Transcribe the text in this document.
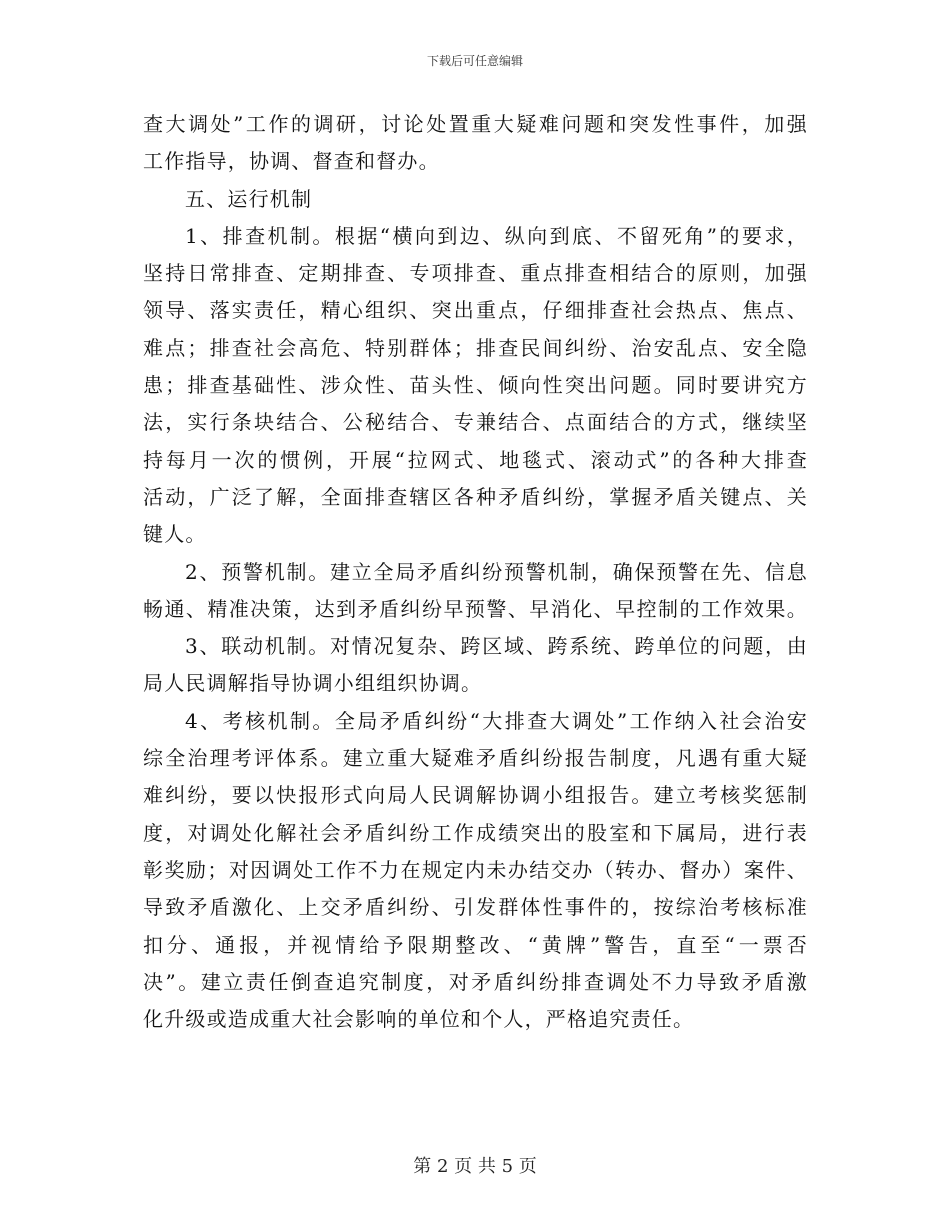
下载后可任意编辑
查大调处”工作的调研，讨论处置重大疑难问题和突发性事件，加强
工作指导，协调、督查和督办。
五、运行机制
1、排查机制。根据“横向到边、纵向到底、不留死角”的要求，
坚持日常排查、定期排查、专项排查、重点排查相结合的原则，加强
领导、落实责任，精心组织、突出重点，仔细排查社会热点、焦点、
难点；排查社会高危、特别群体；排查民间纠纷、治安乱点、安全隐
患；排查基础性、涉众性、苗头性、倾向性突出问题。同时要讲究方
法，实行条块结合、公秘结合、专兼结合、点面结合的方式，继续坚
持每月一次的惯例，开展“拉网式、地毯式、滚动式”的各种大排查
活动，广泛了解，全面排查辖区各种矛盾纠纷，掌握矛盾关键点、关
键人。
2、预警机制。建立全局矛盾纠纷预警机制，确保预警在先、信息
畅通、精准决策，达到矛盾纠纷早预警、早消化、早控制的工作效果。
3、联动机制。对情况复杂、跨区域、跨系统、跨单位的问题，由
局人民调解指导协调小组组织协调。
4、考核机制。全局矛盾纠纷“大排查大调处”工作纳入社会治安
综全治理考评体系。建立重大疑难矛盾纠纷报告制度，凡遇有重大疑
难纠纷，要以快报形式向局人民调解协调小组报告。建立考核奖惩制
度，对调处化解社会矛盾纠纷工作成绩突出的股室和下属局，进行表
彰奖励；对因调处工作不力在规定内未办结交办（转办、督办）案件、
导致矛盾激化、上交矛盾纠纷、引发群体性事件的，按综治考核标准
扣分、通报，并视情给予限期整改、“黄牌”警告，直至“一票否
决”。建立责任倒查追究制度，对矛盾纠纷排查调处不力导致矛盾激
化升级或造成重大社会影响的单位和个人，严格追究责任。
第 2 页 共 5 页
